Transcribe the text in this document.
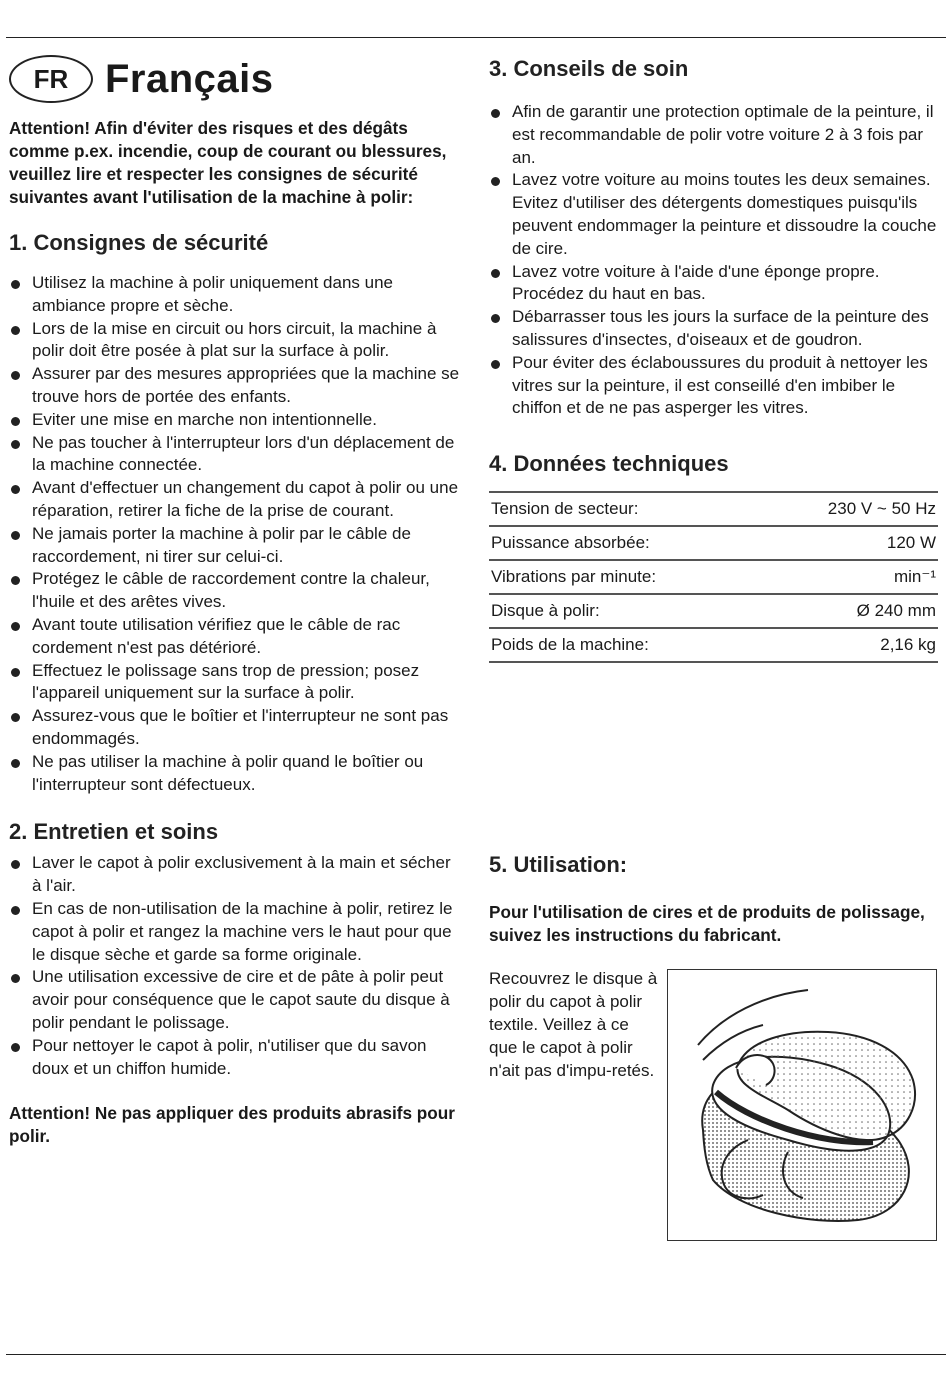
FR Français

Attention! Afin d'éviter des risques et des dégâts comme p.ex. incendie, coup de courant ou blessures, veuillez lire et respecter les consignes de sécurité suivantes avant l'utilisation de la machine à polir:

1. Consignes de sécurité
Utilisez la machine à polir uniquement dans une ambiance propre et sèche.
Lors de la mise en circuit ou hors circuit, la machine à polir doit être posée à plat sur la surface à polir.
Assurer par des mesures appropriées que la machine se trouve hors de portée des enfants.
Eviter une mise en marche non intentionnelle.
Ne pas toucher à l'interrupteur lors d'un déplacement de la machine connectée.
Avant d'effectuer un changement du capot à polir ou une réparation, retirer la fiche de la prise de courant.
Ne jamais porter la machine à polir par le câble de raccordement, ni tirer sur celui-ci.
Protégez le câble de raccordement contre la chaleur, l'huile et des arêtes vives.
Avant toute utilisation vérifiez que le câble de rac cordement n'est pas détérioré.
Effectuez le polissage sans trop de pression; posez l'appareil uniquement sur la surface à polir.
Assurez-vous que le boîtier et l'interrupteur ne sont pas endommagés.
Ne pas utiliser la machine à polir quand le boîtier ou l'interrupteur sont défectueux.
2. Entretien et soins
Laver le capot à polir exclusivement à la main et sécher à l'air.
En cas de non-utilisation de la machine à polir, retirez le capot à polir et rangez la machine vers le haut pour que le disque sèche et garde sa forme originale.
Une utilisation excessive de cire et de pâte à polir peut avoir pour conséquence que le capot saute du disque à polir pendant le polissage.
Pour nettoyer le capot à polir, n'utiliser que du savon doux et un chiffon humide.

Attention! Ne pas appliquer des produits abrasifs pour polir.

3. Conseils de soin
Afin de garantir une protection optimale de la peinture, il est recommandable de polir votre voiture 2 à 3 fois par an.
Lavez votre voiture au moins toutes les deux semaines. Evitez d'utiliser des détergents domestiques puisqu'ils peuvent endommager la peinture et dissoudre la couche de cire.
Lavez votre voiture à l'aide d'une éponge propre. Procédez du haut en bas.
Débarrasser tous les jours la surface de la peinture des salissures d'insectes, d'oiseaux et de goudron.
Pour éviter des éclaboussures du produit à nettoyer les vitres sur la peinture, il est conseillé d'en imbiber le chiffon et de ne pas asperger les vitres.
4. Données techniques
Tension de secteur:	230 V ~ 50 Hz
Puissance absorbée:	120 W
Vibrations par minute:	min⁻¹
Disque à polir:	Ø 240 mm
Poids de la machine:	2,16 kg
5. Utilisation:

Pour l'utilisation de cires et de produits de polissage, suivez les instructions du fabricant.

Recouvrez le disque à polir du capot à polir textile. Veillez à ce que le capot à polir n'ait pas d'impu-retés.
